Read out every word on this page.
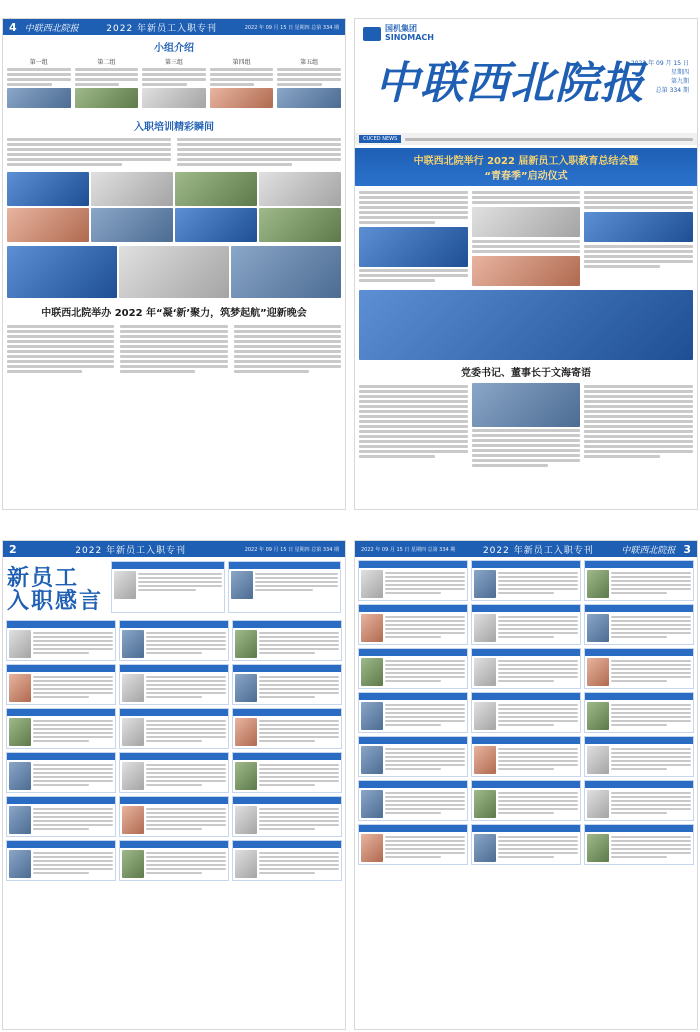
4 中联西北院报	2022 年新员工入职专刊	2022 年 09 月 15 日 星期四 总第 334 期
小组介绍
第一组	第二组	第三组	第四组	第五组
入职培训精彩瞬间
中联西北院举办 2022 年“凝‘新’聚力，筑梦起航”迎新晚会
国机集团
SINOMACH
中联西北院报
2022 年 09 月 15 日
星期四
第九期
总第 334 期
CUCED NEWS
中联西北院举行 2022 届新员工入职教育总结会暨
“青春季”启动仪式
党委书记、董事长于文海寄语
2	2022 年新员工入职专刊	2022 年 09 月 15 日 星期四 总第 334 期
新员工
入职感言
2022 年 09 月 15 日 星期四 总第 334 期	2022 年新员工入职专刊	中联西北院报 3
